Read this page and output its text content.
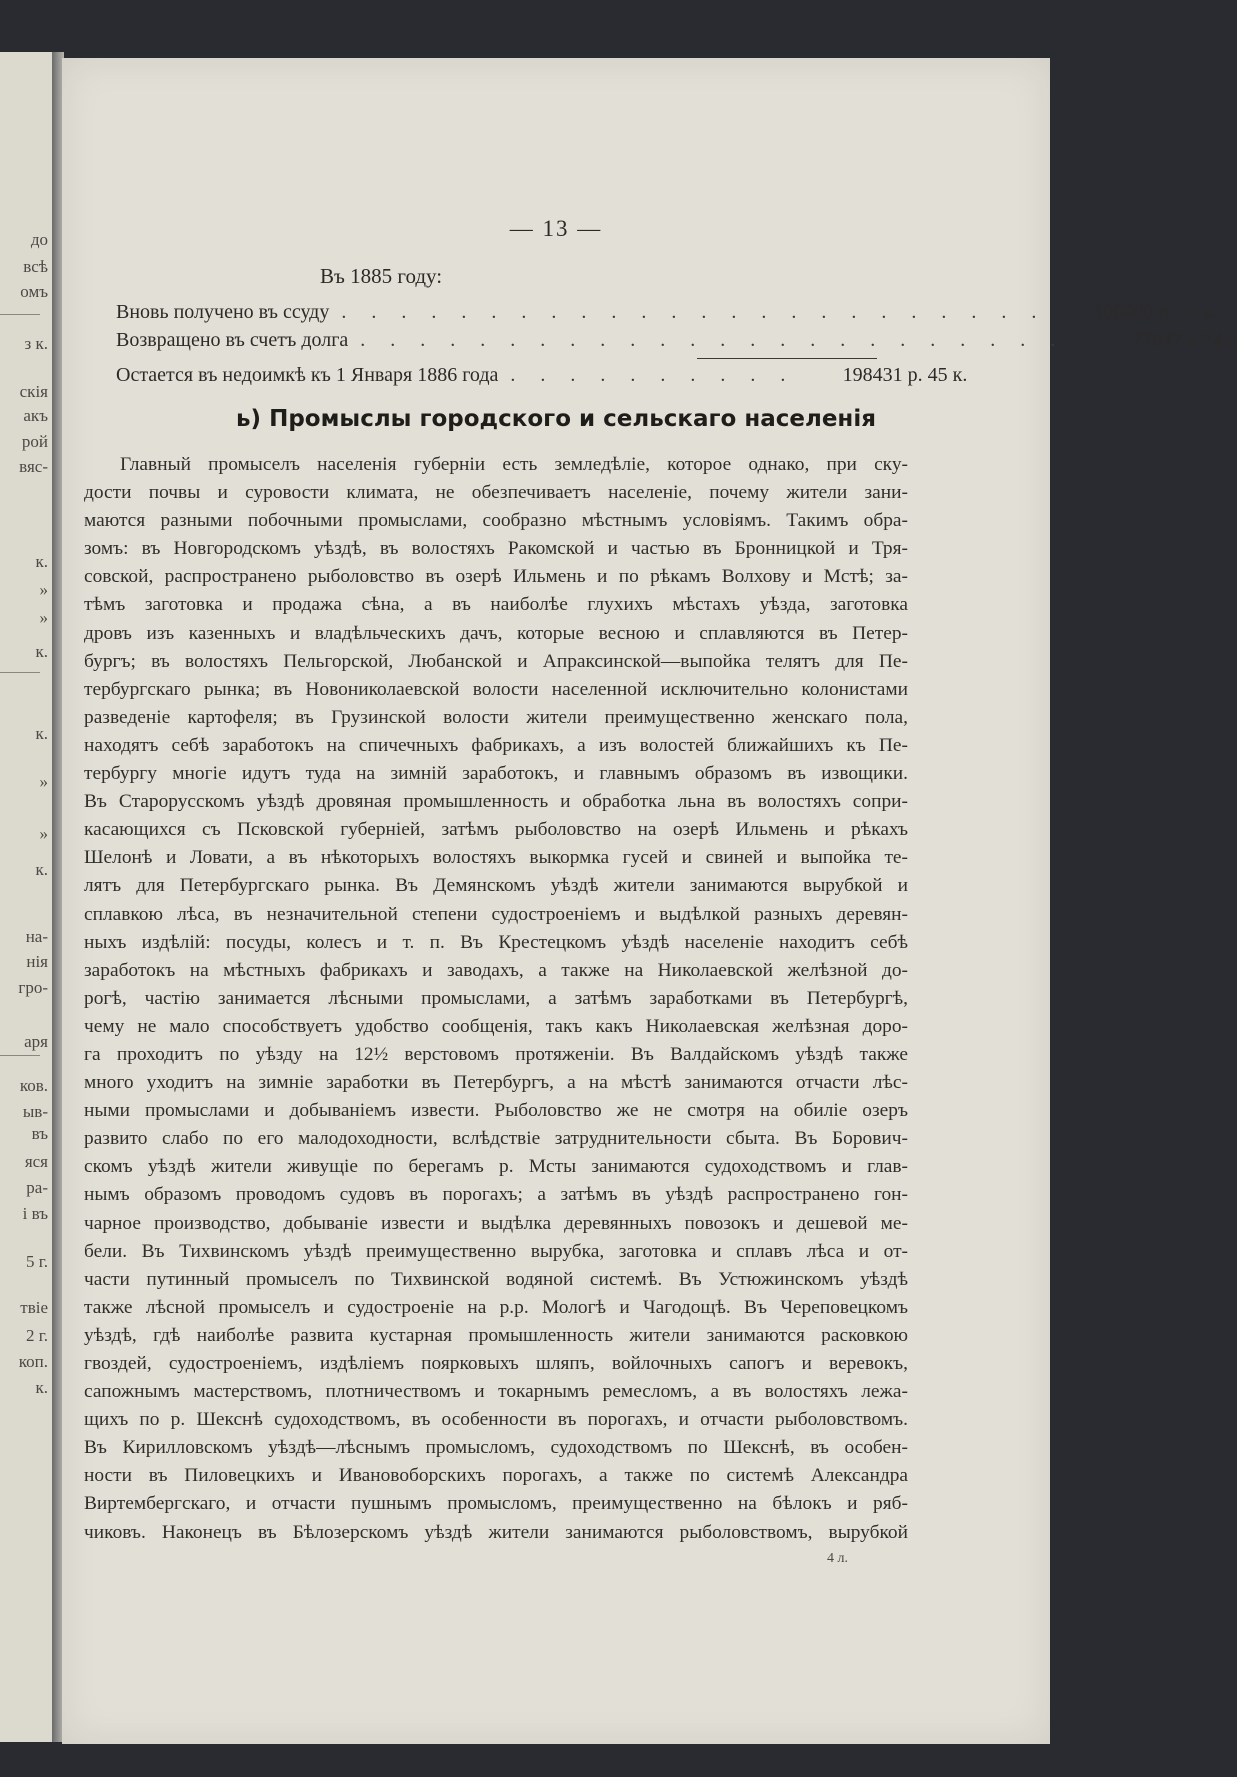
до
всѣ
омъ
з к.
скія
акъ
рой
вяс-
к.
»
»
к.
к.
»
»
к.
на-
нія
гро-
аря
ков.
ыв-
въ
яся
ра-
і въ
5 г.
твіе
2 г.
коп.
к.
— 13 —
Въ 1885 году:
Вновь получено въ ссуду . . . . . . . . . . . . . . . . . . . . . . . .	100000 р. — к.
Возвращено въ счетъ долга . . . . . . . . . . . . . . . . . . . . . . . .	77047 » 74 »
Остается въ недоимкѣ къ 1 Января 1886 года . . . . . . . . . .	198431 р. 45 к.
ь) Промыслы городского и сельскаго населенія
Главный промыселъ населенія губерніи есть земледѣліе, которое однако, при ску-
дости почвы и суровости климата, не обезпечиваетъ населеніе, почему жители зани-
маются разными побочными промыслами, сообразно мѣстнымъ условіямъ. Такимъ обра-
зомъ: въ Новгородскомъ уѣздѣ, въ волостяхъ Ракомской и частью въ Бронницкой и Тря-
совской, распространено рыболовство въ озерѣ Ильмень и по рѣкамъ Волхову и Мстѣ; за-
тѣмъ заготовка и продажа сѣна, а въ наиболѣе глухихъ мѣстахъ уѣзда, заготовка
дровъ изъ казенныхъ и владѣльческихъ дачъ, которые весною и сплавляются въ Петер-
бургъ; въ волостяхъ Пельгорской, Любанской и Апраксинской—выпойка телятъ для Пе-
тербургскаго рынка; въ Новониколаевской волости населенной исключительно колонистами
разведеніе картофеля; въ Грузинской волости жители преимущественно женскаго пола,
находятъ себѣ заработокъ на спичечныхъ фабрикахъ, а изъ волостей ближайшихъ къ Пе-
тербургу многіе идутъ туда на зимній заработокъ, и главнымъ образомъ въ извощики.
Въ Старорусскомъ уѣздѣ дровяная промышленность и обработка льна въ волостяхъ сопри-
касающихся съ Псковской губерніей, затѣмъ рыболовство на озерѣ Ильмень и рѣкахъ
Шелонѣ и Ловати, а въ нѣкоторыхъ волостяхъ выкормка гусей и свиней и выпойка те-
лятъ для Петербургскаго рынка. Въ Демянскомъ уѣздѣ жители занимаются вырубкой и
сплавкою лѣса, въ незначительной степени судостроеніемъ и выдѣлкой разныхъ деревян-
ныхъ издѣлій: посуды, колесъ и т. п. Въ Крестецкомъ уѣздѣ населеніе находитъ себѣ
заработокъ на мѣстныхъ фабрикахъ и заводахъ, а также на Николаевской желѣзной до-
рогѣ, частію занимается лѣсными промыслами, а затѣмъ заработками въ Петербургѣ,
чему не мало способствуетъ удобство сообщенія, такъ какъ Николаевская желѣзная доро-
га проходитъ по уѣзду на 12½ верстовомъ протяженіи. Въ Валдайскомъ уѣздѣ также
много уходитъ на зимніе заработки въ Петербургъ, а на мѣстѣ занимаются отчасти лѣс-
ными промыслами и добываніемъ извести. Рыболовство же не смотря на обиліе озеръ
развито слабо по его малодоходности, вслѣдствіе затруднительности сбыта. Въ Борович-
скомъ уѣздѣ жители живущіе по берегамъ р. Мсты занимаются судоходствомъ и глав-
нымъ образомъ проводомъ судовъ въ порогахъ; а затѣмъ въ уѣздѣ распространено гон-
чарное производство, добываніе извести и выдѣлка деревянныхъ повозокъ и дешевой ме-
бели. Въ Тихвинскомъ уѣздѣ преимущественно вырубка, заготовка и сплавъ лѣса и от-
части путинный промыселъ по Тихвинской водяной системѣ. Въ Устюжинскомъ уѣздѣ
также лѣсной промыселъ и судостроеніе на р.р. Мологѣ и Чагодощѣ. Въ Череповецкомъ
уѣздѣ, гдѣ наиболѣе развита кустарная промышленность жители занимаются расковкою
гвоздей, судостроеніемъ, издѣліемъ поярковыхъ шляпъ, войлочныхъ сапогъ и веревокъ,
сапожнымъ мастерствомъ, плотничествомъ и токарнымъ ремесломъ, а въ волостяхъ лежа-
щихъ по р. Шекснѣ судоходствомъ, въ особенности въ порогахъ, и отчасти рыболовствомъ.
Въ Кирилловскомъ уѣздѣ—лѣснымъ промысломъ, судоходствомъ по Шекснѣ, въ особен-
ности въ Пиловецкихъ и Ивановоборскихъ порогахъ, а также по системѣ Александра
Виртембергскаго, и отчасти пушнымъ промысломъ, преимущественно на бѣлокъ и ряб-
чиковъ. Наконецъ въ Бѣлозерскомъ уѣздѣ жители занимаются рыболовствомъ, вырубкой
4 л.
